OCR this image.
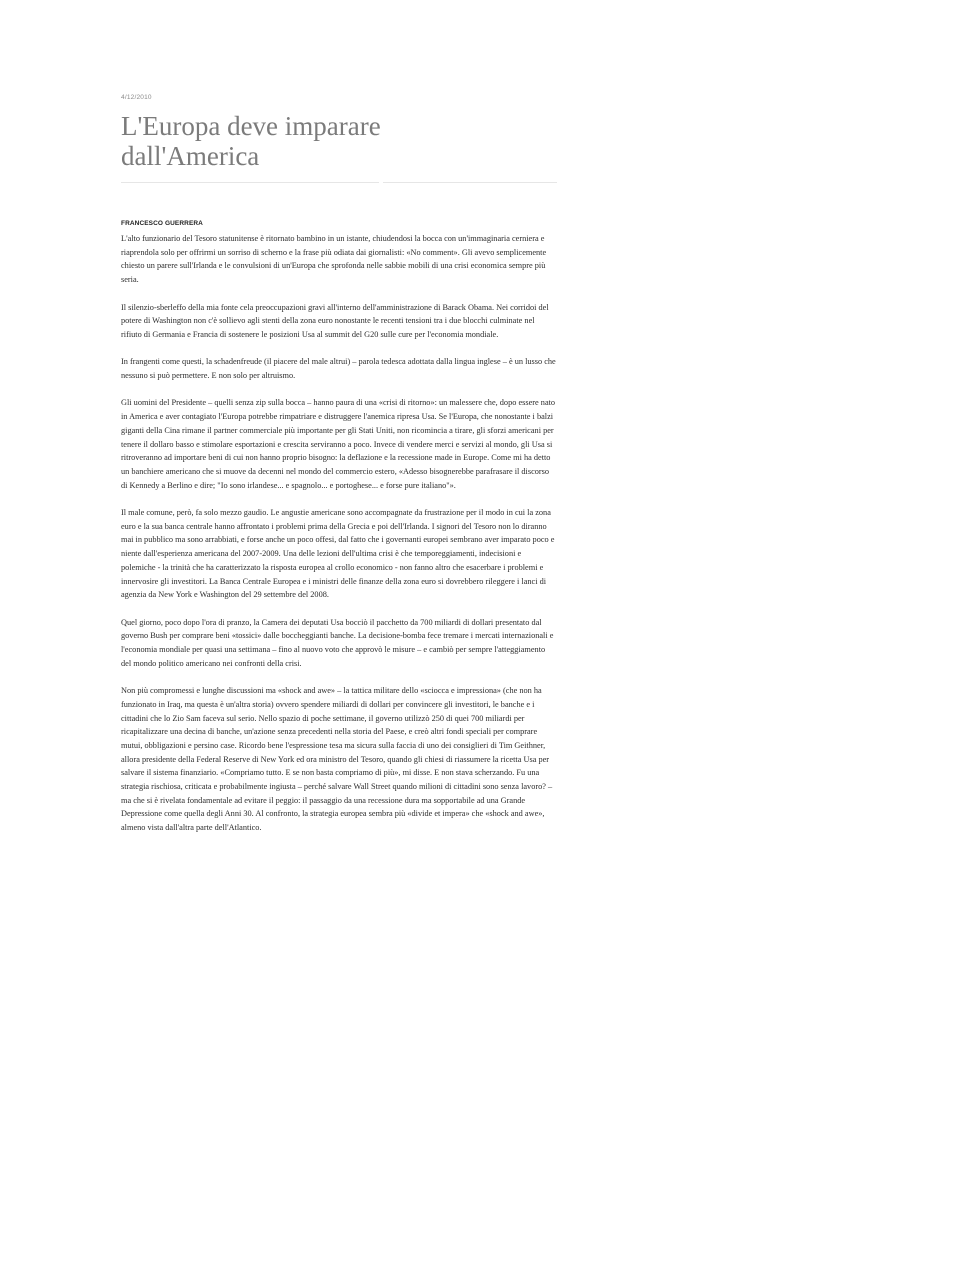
4/12/2010

L'Europa deve imparare
dall'America

FRANCESCO GUERRERA

L'alto funzionario del Tesoro statunitense è ritornato bambino in un istante, chiudendosi la bocca con un'immaginaria cerniera e riaprendola solo per offrirmi un sorriso di scherno e la frase più odiata dai giornalisti: «No comment». Gli avevo semplicemente chiesto un parere sull'Irlanda e le convulsioni di un'Europa che sprofonda nelle sabbie mobili di una crisi economica sempre più seria.

Il silenzio-sberleffo della mia fonte cela preoccupazioni gravi all'interno dell'amministrazione di Barack Obama. Nei corridoi del potere di Washington non c'è sollievo agli stenti della zona euro nonostante le recenti tensioni tra i due blocchi culminate nel rifiuto di Germania e Francia di sostenere le posizioni Usa al summit del G20 sulle cure per l'economia mondiale.

In frangenti come questi, la schadenfreude (il piacere del male altrui) – parola tedesca adottata dalla lingua inglese – è un lusso che nessuno si può permettere. E non solo per altruismo.

Gli uomini del Presidente – quelli senza zip sulla bocca – hanno paura di una «crisi di ritorno»: un malessere che, dopo essere nato in America e aver contagiato l'Europa potrebbe rimpatriare e distruggere l'anemica ripresa Usa. Se l'Europa, che nonostante i balzi giganti della Cina rimane il partner commerciale più importante per gli Stati Uniti, non ricomincia a tirare, gli sforzi americani per tenere il dollaro basso e stimolare esportazioni e crescita serviranno a poco. Invece di vendere merci e servizi al mondo, gli Usa si ritroveranno ad importare beni di cui non hanno proprio bisogno: la deflazione e la recessione made in Europe. Come mi ha detto un banchiere americano che si muove da decenni nel mondo del commercio estero, «Adesso bisognerebbe parafrasare il discorso di Kennedy a Berlino e dire; "Io sono irlandese... e spagnolo... e portoghese... e forse pure italiano"».

Il male comune, però, fa solo mezzo gaudio. Le angustie americane sono accompagnate da frustrazione per il modo in cui la zona euro e la sua banca centrale hanno affrontato i problemi prima della Grecia e poi dell'Irlanda. I signori del Tesoro non lo diranno mai in pubblico ma sono arrabbiati, e forse anche un poco offesi, dal fatto che i governanti europei sembrano aver imparato poco e niente dall'esperienza americana del 2007-2009. Una delle lezioni dell'ultima crisi è che temporeggiamenti, indecisioni e polemiche - la trinità che ha caratterizzato la risposta europea al crollo economico - non fanno altro che esacerbare i problemi e innervosire gli investitori. La Banca Centrale Europea e i ministri delle finanze della zona euro si dovrebbero rileggere i lanci di agenzia da New York e Washington del 29 settembre del 2008.

Quel giorno, poco dopo l'ora di pranzo, la Camera dei deputati Usa bocciò il pacchetto da 700 miliardi di dollari presentato dal governo Bush per comprare beni «tossici» dalle boccheggianti banche. La decisione-bomba fece tremare i mercati internazionali e l'economia mondiale per quasi una settimana – fino al nuovo voto che approvò le misure – e cambiò per sempre l'atteggiamento del mondo politico americano nei confronti della crisi.

Non più compromessi e lunghe discussioni ma «shock and awe» – la tattica militare dello «sciocca e impressiona» (che non ha funzionato in Iraq, ma questa è un'altra storia) ovvero spendere miliardi di dollari per convincere gli investitori, le banche e i cittadini che lo Zio Sam faceva sul serio. Nello spazio di poche settimane, il governo utilizzò 250 di quei 700 miliardi per ricapitalizzare una decina di banche, un'azione senza precedenti nella storia del Paese, e creò altri fondi speciali per comprare mutui, obbligazioni e persino case. Ricordo bene l'espressione tesa ma sicura sulla faccia di uno dei consiglieri di Tim Geithner, allora presidente della Federal Reserve di New York ed ora ministro del Tesoro, quando gli chiesi di riassumere la ricetta Usa per salvare il sistema finanziario. «Compriamo tutto. E se non basta compriamo di più», mi disse. E non stava scherzando. Fu una strategia rischiosa, criticata e probabilmente ingiusta – perché salvare Wall Street quando milioni di cittadini sono senza lavoro? – ma che si è rivelata fondamentale ad evitare il peggio: il passaggio da una recessione dura ma sopportabile ad una Grande Depressione come quella degli Anni 30. Al confronto, la strategia europea sembra più «divide et impera» che «shock and awe», almeno vista dall'altra parte dell'Atlantico.
